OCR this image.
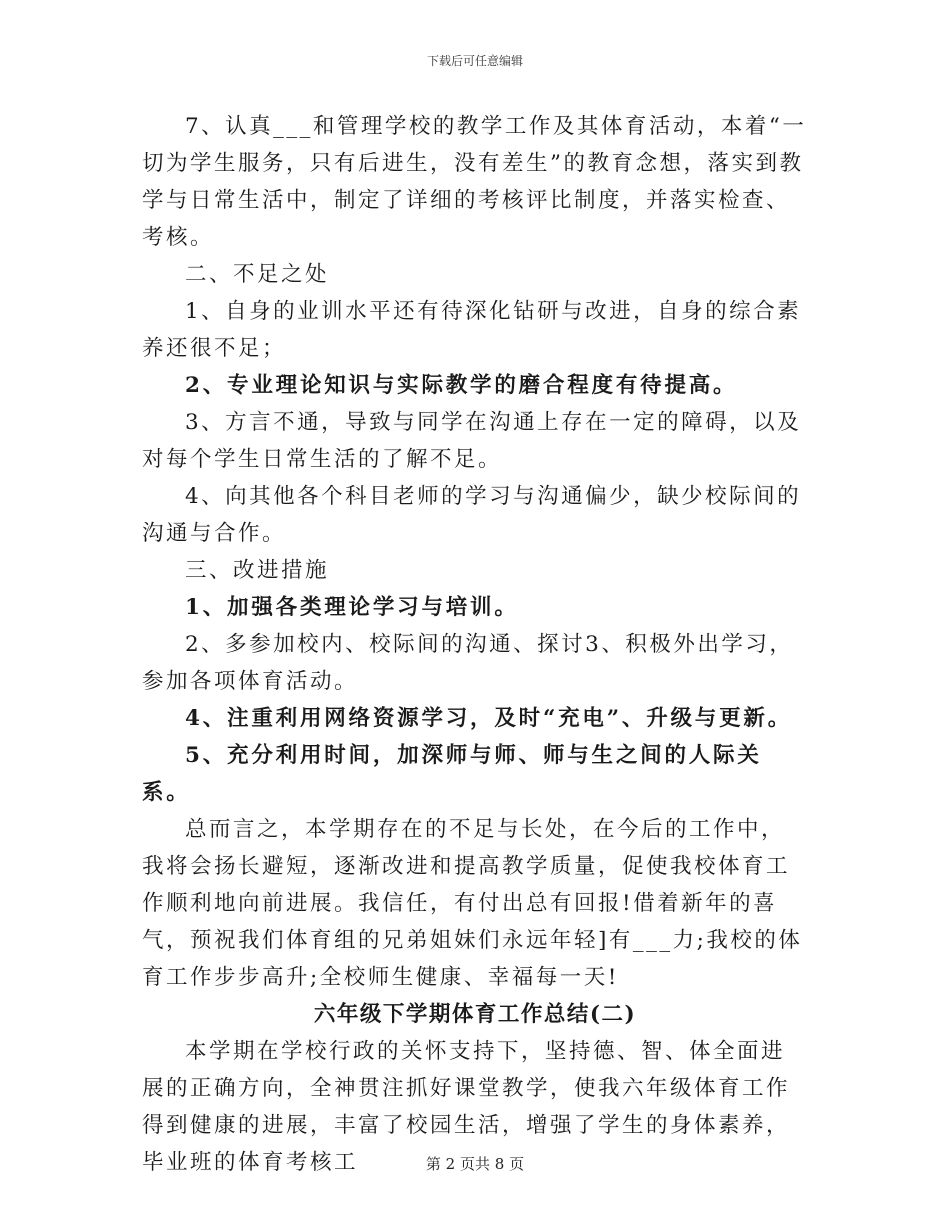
下载后可任意编辑

7、认真___和管理学校的教学工作及其体育活动，本着“一切为学生服务，只有后进生，没有差生”的教育念想，落实到教学与日常生活中，制定了详细的考核评比制度，并落实检查、考核。

二、不足之处

1、自身的业训水平还有待深化钻研与改进，自身的综合素养还很不足；

2、专业理论知识与实际教学的磨合程度有待提高。

3、方言不通，导致与同学在沟通上存在一定的障碍，以及对每个学生日常生活的了解不足。

4、向其他各个科目老师的学习与沟通偏少，缺少校际间的沟通与合作。

三、改进措施

1、加强各类理论学习与培训。

2、多参加校内、校际间的沟通、探讨3、积极外出学习，参加各项体育活动。

4、注重利用网络资源学习，及时“充电”、升级与更新。

5、充分利用时间，加深师与师、师与生之间的人际关系。

总而言之，本学期存在的不足与长处，在今后的工作中，我将会扬长避短，逐渐改进和提高教学质量，促使我校体育工作顺利地向前进展。我信任，有付出总有回报!借着新年的喜气，预祝我们体育组的兄弟姐妹们永远年轻]有___力;我校的体育工作步步高升;全校师生健康、幸福每一天!

六年级下学期体育工作总结(二)

本学期在学校行政的关怀支持下，坚持德、智、体全面进展的正确方向，全神贯注抓好课堂教学，使我六年级体育工作得到健康的进展，丰富了校园生活，增强了学生的身体素养，毕业班的体育考核工	第 2 页共 8 页
